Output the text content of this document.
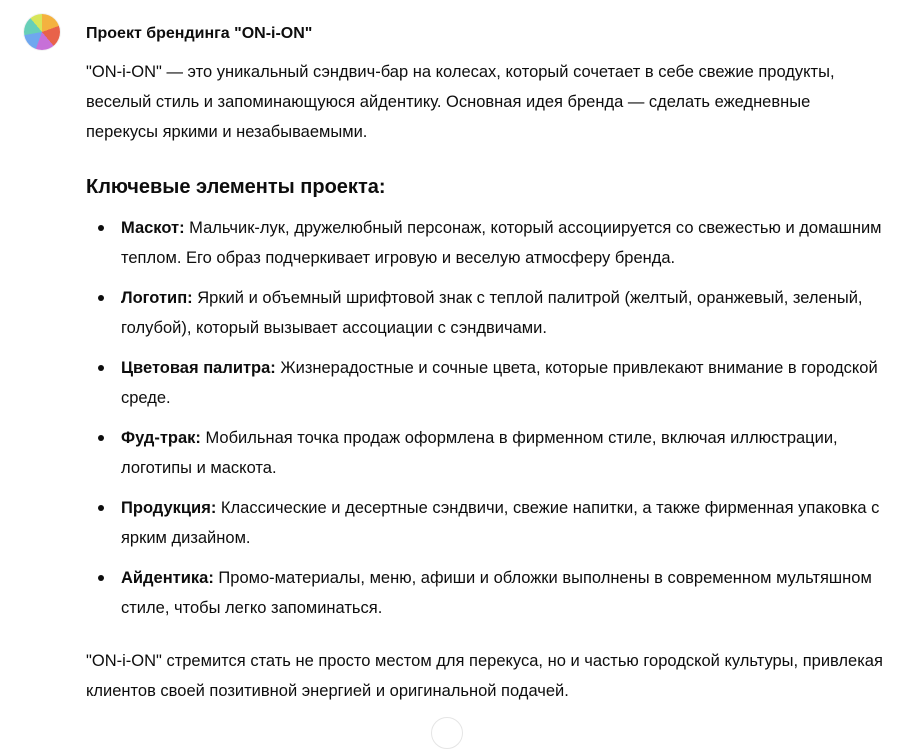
Проект брендинга "ON-i-ON"

"ON-i-ON" — это уникальный сэндвич-бар на колесах, который сочетает в себе свежие продукты, веселый стиль и запоминающуюся айдентику. Основная идея бренда — сделать ежедневные перекусы яркими и незабываемыми.

Ключевые элементы проекта:
Маскот: Мальчик-лук, дружелюбный персонаж, который ассоциируется со свежестью и домашним теплом. Его образ подчеркивает игровую и веселую атмосферу бренда.
Логотип: Яркий и объемный шрифтовой знак с теплой палитрой (желтый, оранжевый, зеленый, голубой), который вызывает ассоциации с сэндвичами.
Цветовая палитра: Жизнерадостные и сочные цвета, которые привлекают внимание в городской среде.
Фуд-трак: Мобильная точка продаж оформлена в фирменном стиле, включая иллюстрации, логотипы и маскота.
Продукция: Классические и десертные сэндвичи, свежие напитки, а также фирменная упаковка с ярким дизайном.
Айдентика: Промо-материалы, меню, афиши и обложки выполнены в современном мультяшном стиле, чтобы легко запоминаться.

"ON-i-ON" стремится стать не просто местом для перекуса, но и частью городской культуры, привлекая клиентов своей позитивной энергией и оригинальной подачей.
